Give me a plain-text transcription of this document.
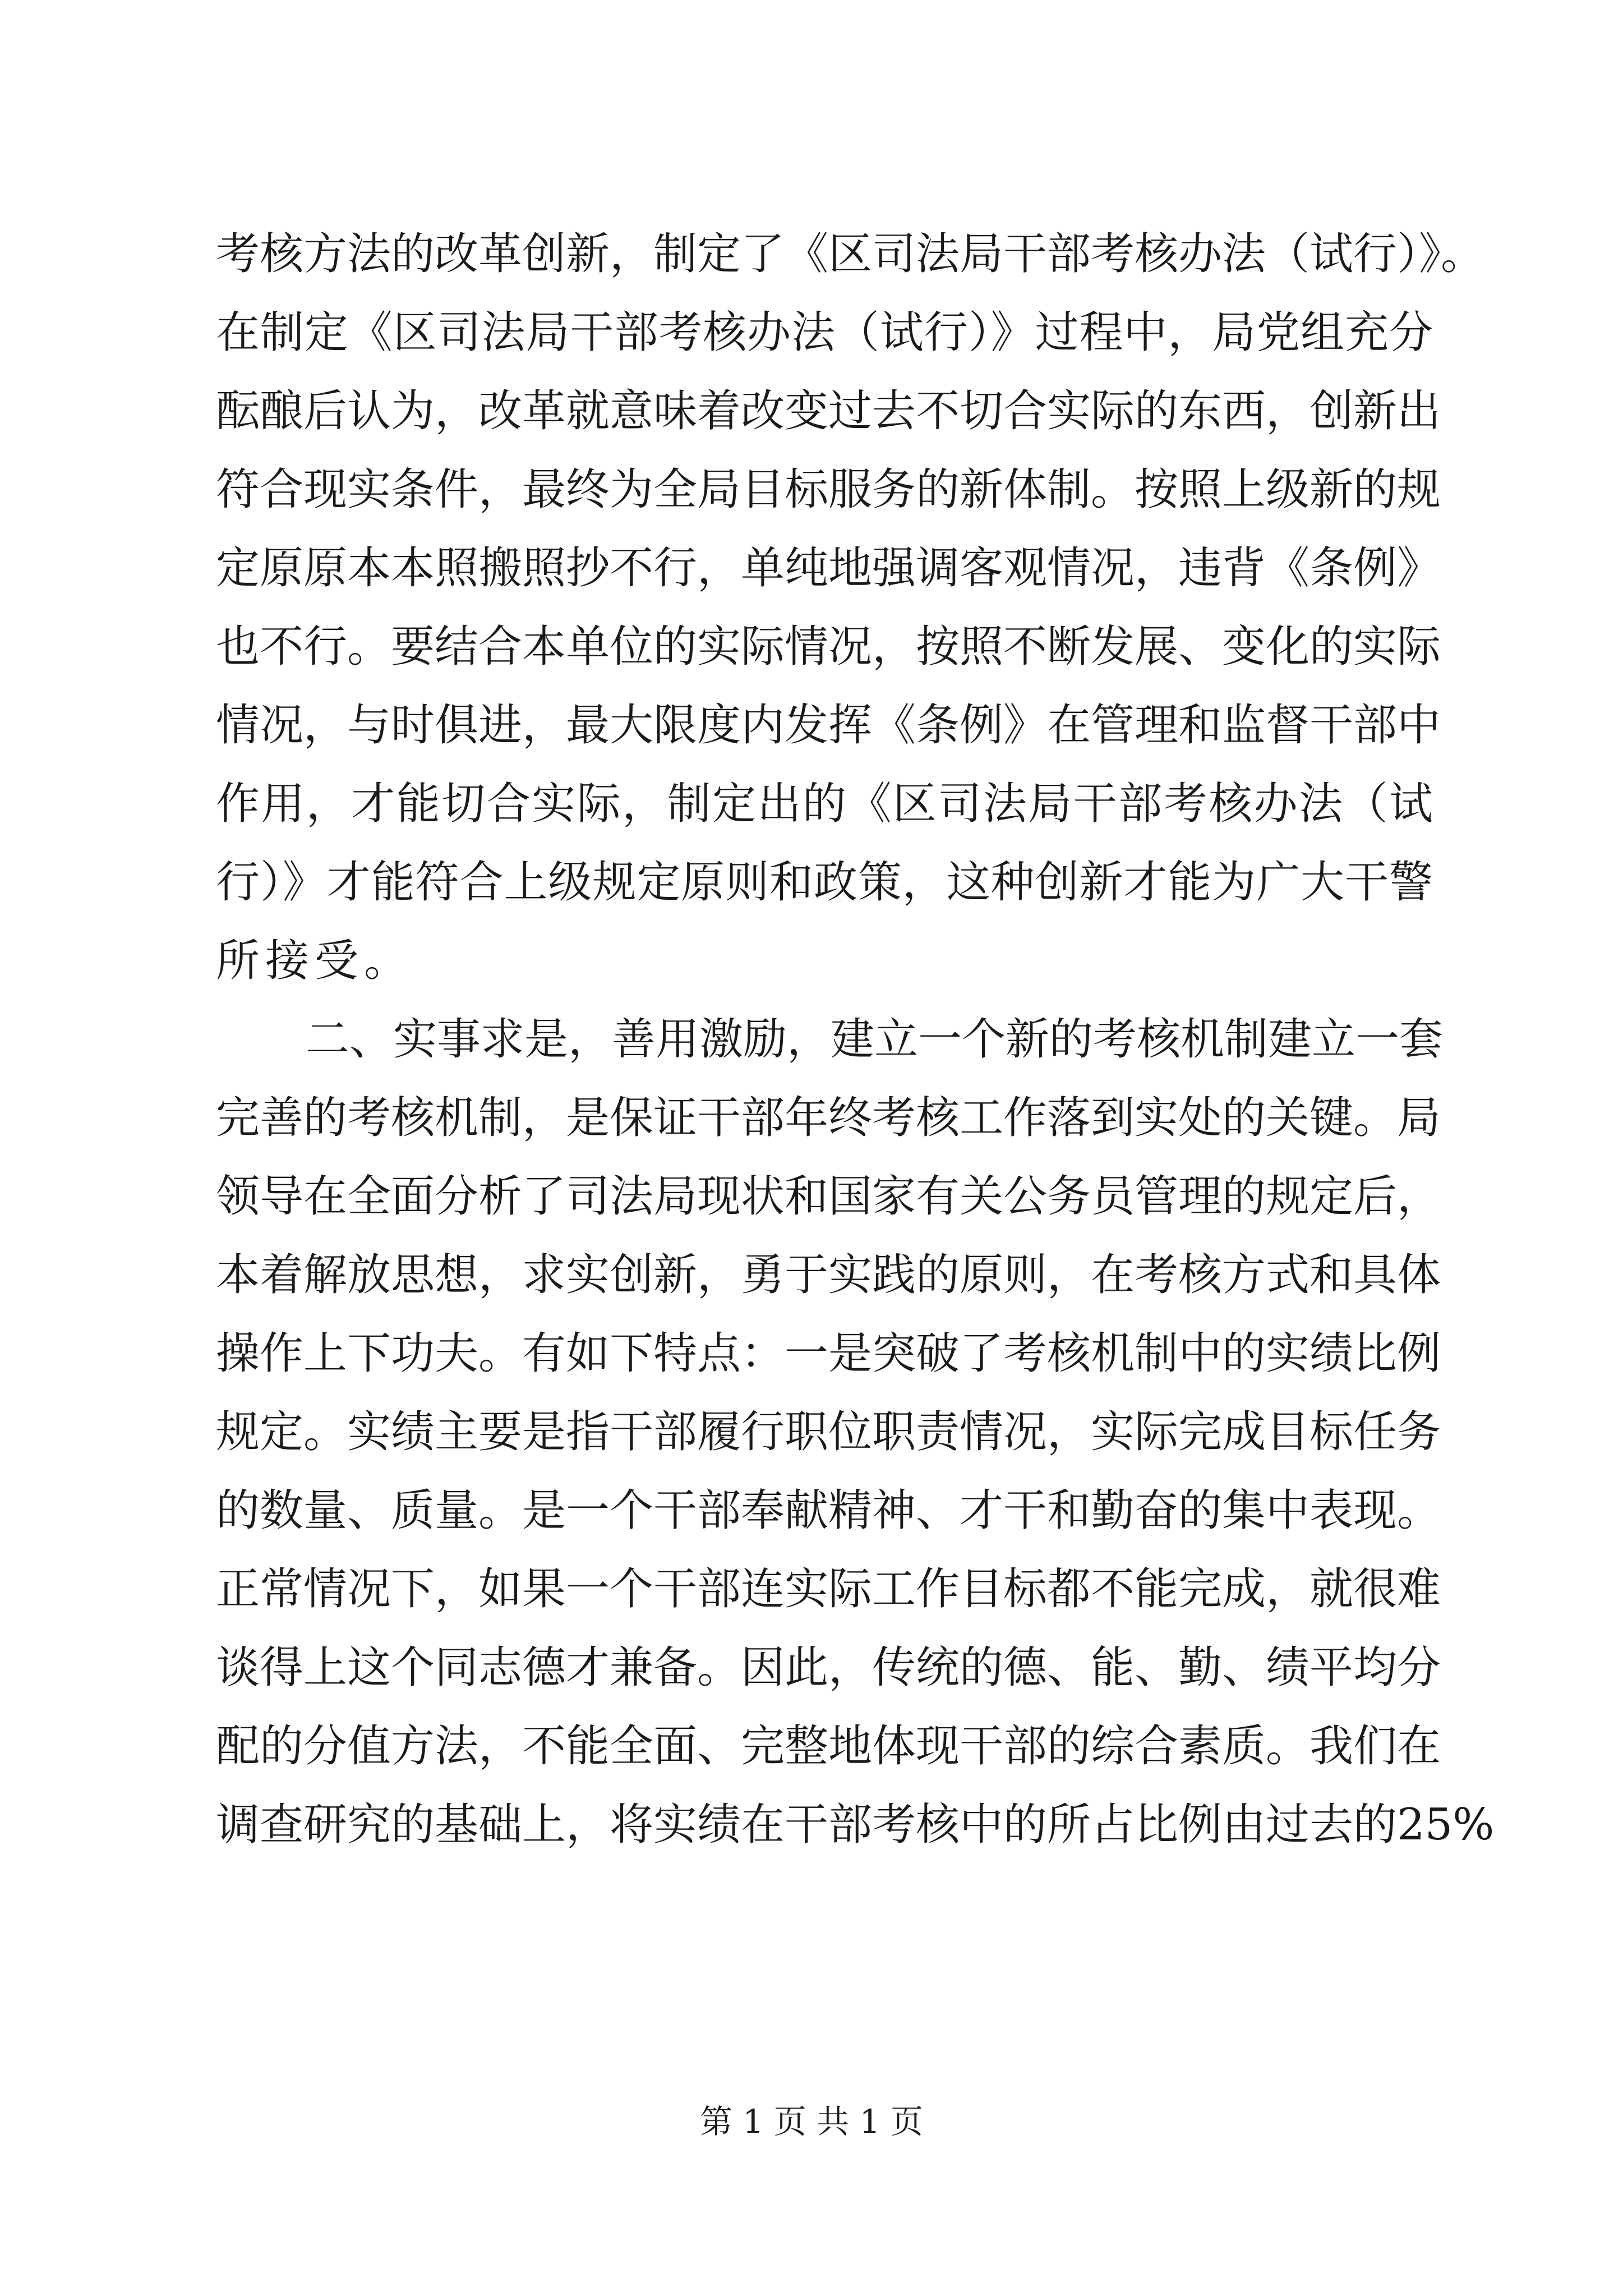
考核方法的改革创新，制定了《区司法局干部考核办法（试行）》。
在制定《区司法局干部考核办法（试行）》过程中，局党组充分
酝酿后认为，改革就意味着改变过去不切合实际的东西，创新出
符合现实条件，最终为全局目标服务的新体制。按照上级新的规
定原原本本照搬照抄不行，单纯地强调客观情况，违背《条例》
也不行。要结合本单位的实际情况，按照不断发展、变化的实际
情况，与时俱进，最大限度内发挥《条例》在管理和监督干部中
作用，才能切合实际，制定出的《区司法局干部考核办法（试
行）》才能符合上级规定原则和政策，这种创新才能为广大干警
所接受。
二、实事求是，善用激励，建立一个新的考核机制建立一套
完善的考核机制，是保证干部年终考核工作落到实处的关键。局
领导在全面分析了司法局现状和国家有关公务员管理的规定后，
本着解放思想，求实创新，勇于实践的原则，在考核方式和具体
操作上下功夫。有如下特点：一是突破了考核机制中的实绩比例
规定。实绩主要是指干部履行职位职责情况，实际完成目标任务
的数量、质量。是一个干部奉献精神、才干和勤奋的集中表现。
正常情况下，如果一个干部连实际工作目标都不能完成，就很难
谈得上这个同志德才兼备。因此，传统的德、能、勤、绩平均分
配的分值方法，不能全面、完整地体现干部的综合素质。我们在
调查研究的基础上，将实绩在干部考核中的所占比例由过去的25%
第 1 页 共 1 页
